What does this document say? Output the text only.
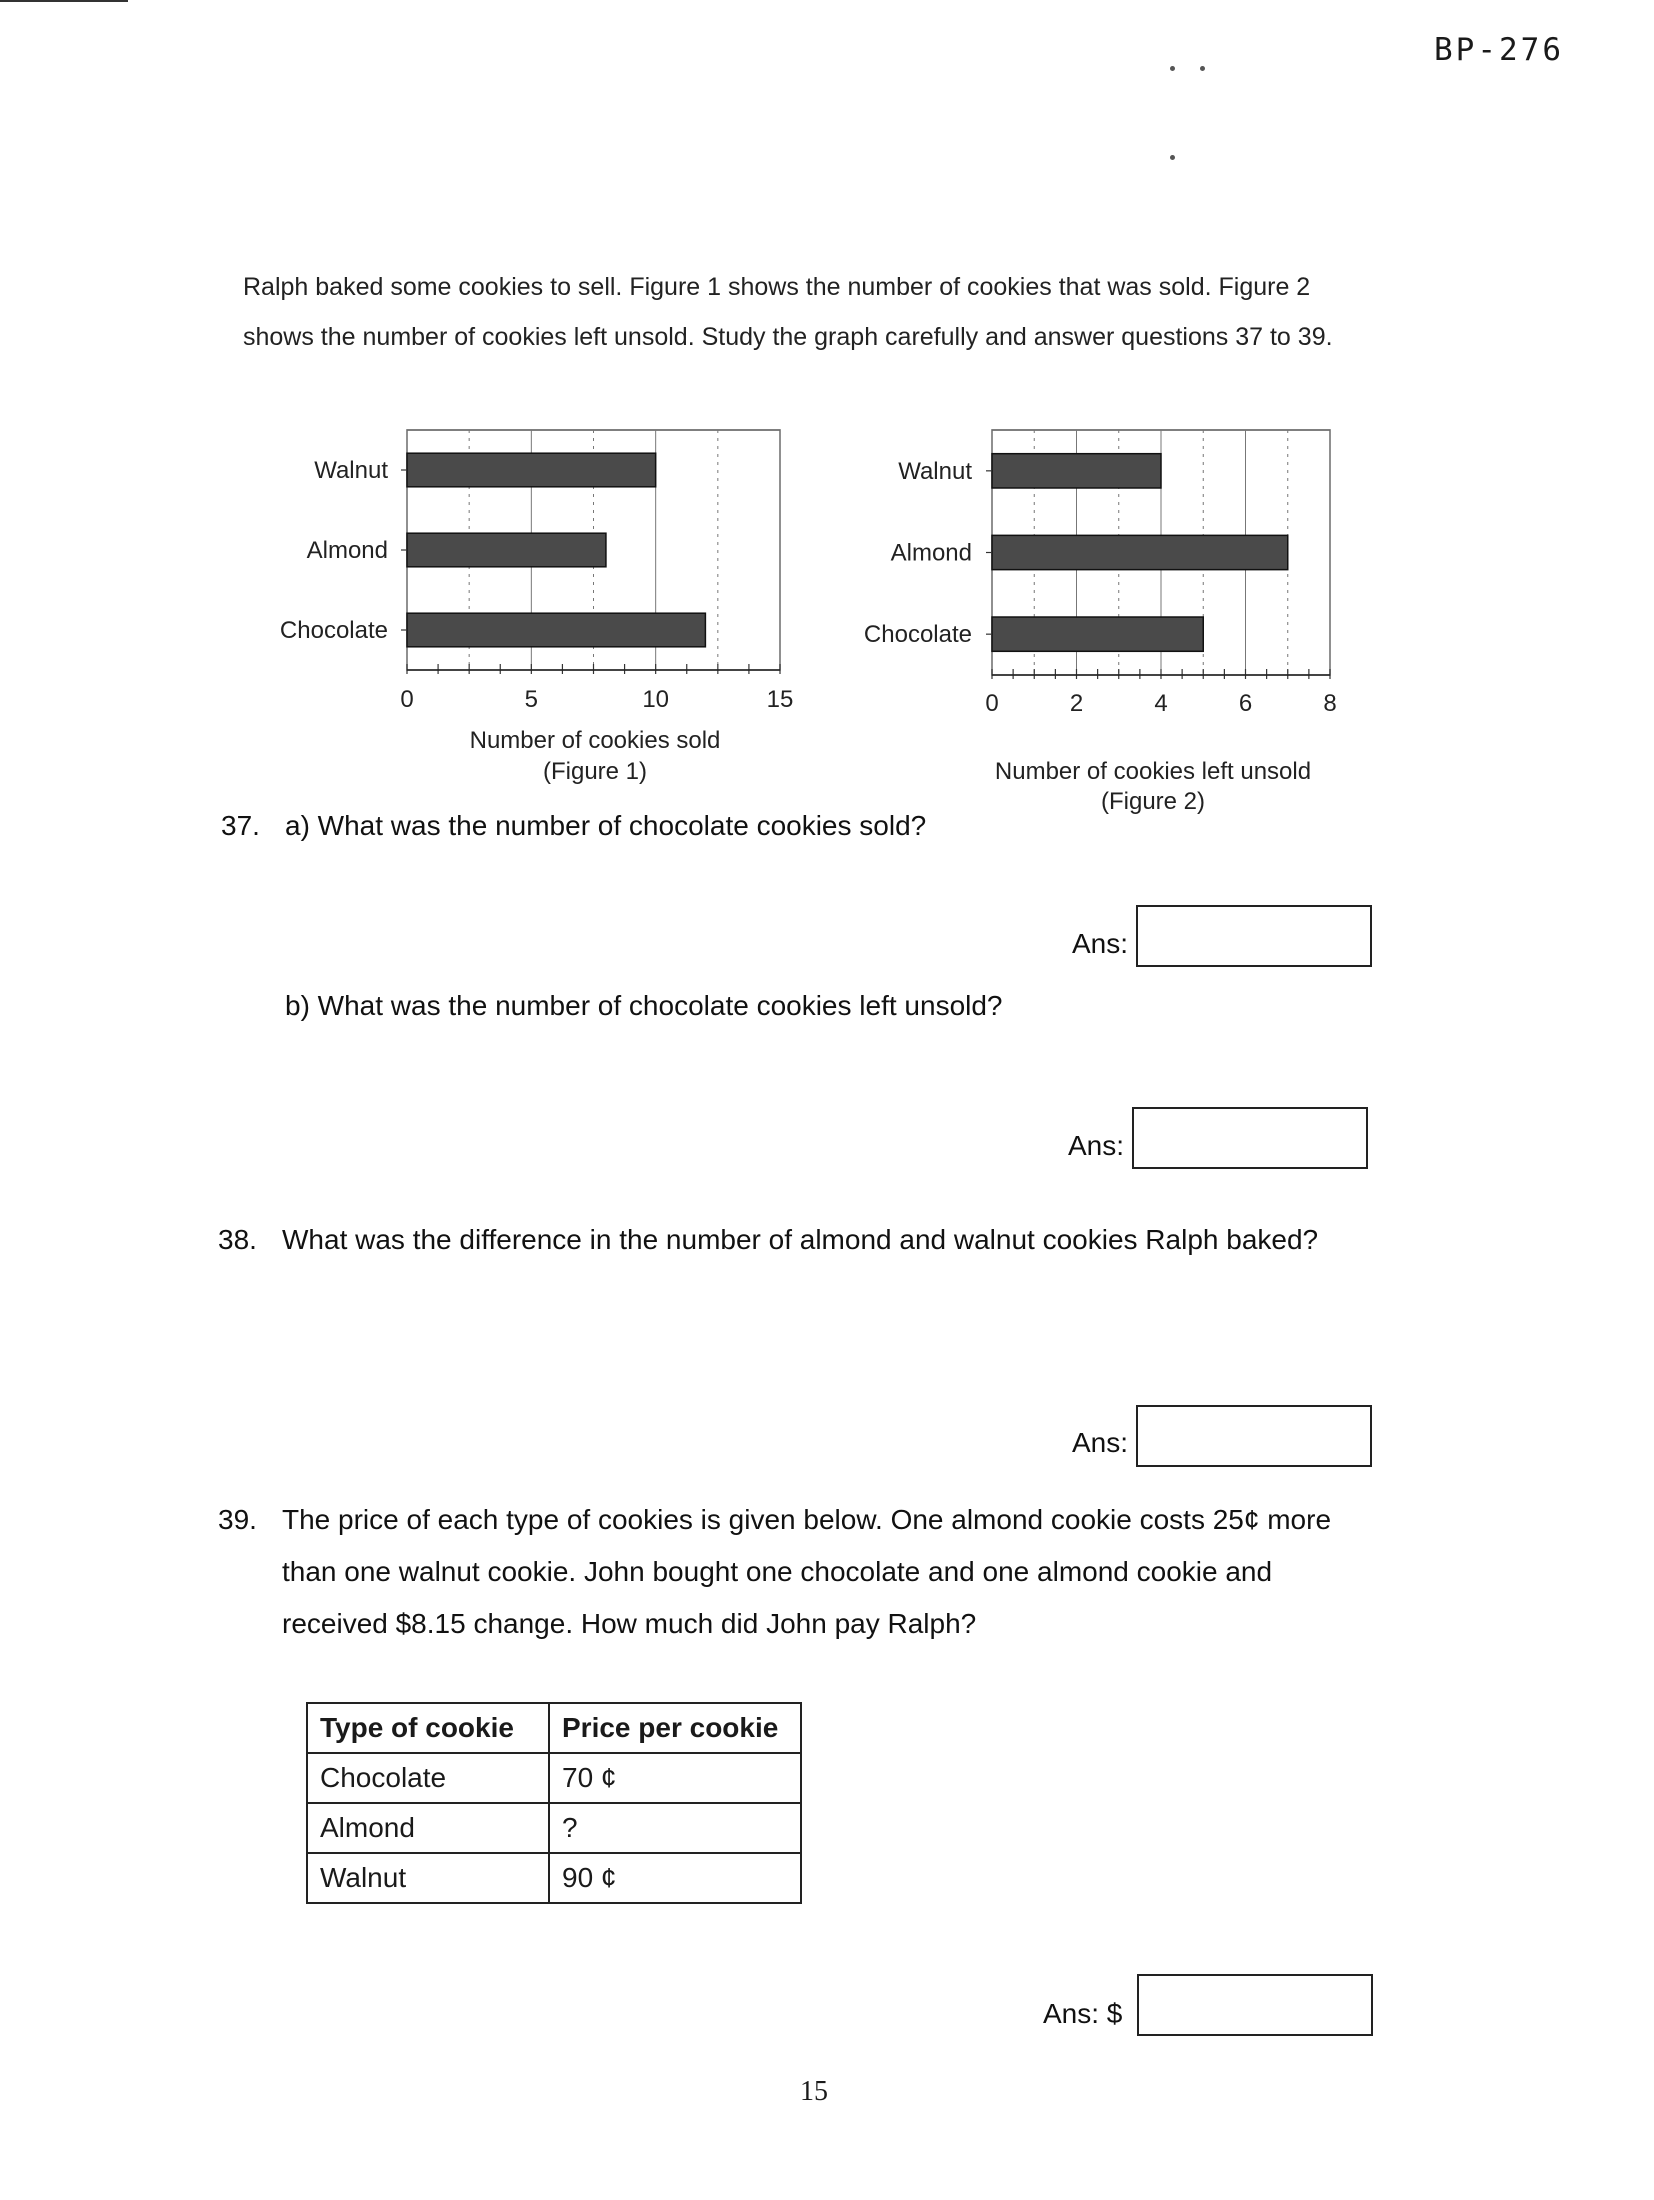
BP-276
Ralph baked some cookies to sell. Figure 1 shows the number of cookies that was sold. Figure 2 shows the number of cookies left unsold. Study the graph carefully and answer questions 37 to 39.
Walnut
Almond
Chocolate
0	5	10	15
Number of cookies sold
(Figure 1)
Walnut
Almond
Chocolate
0	2	4	6	8
Number of cookies left unsold
(Figure 2)
37. a) What was the number of chocolate cookies sold?
Ans:
b) What was the number of chocolate cookies left unsold?
Ans:
38. What was the difference in the number of almond and walnut cookies Ralph baked?
Ans:
39. The price of each type of cookies is given below. One almond cookie costs 25¢ more
than one walnut cookie. John bought one chocolate and one almond cookie and
received $8.15 change. How much did John pay Ralph?
Type of cookie	Price per cookie
Chocolate	70 ¢
Almond	?
Walnut	90 ¢
Ans: $
15
